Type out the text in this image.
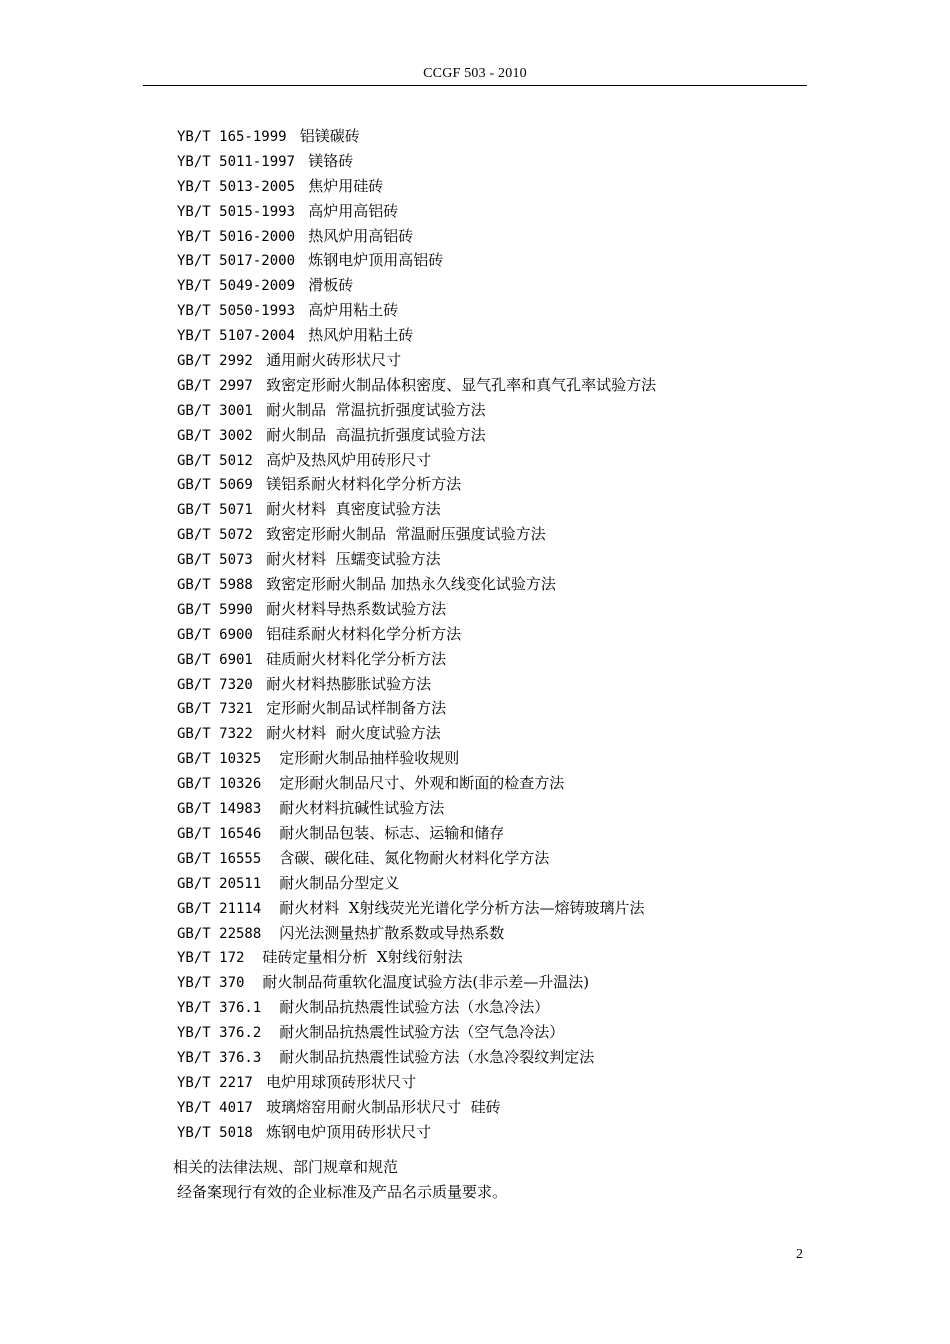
CCGF 503 - 2010
YB/T 165-1999  铝镁碳砖
YB/T 5011-1997  镁铬砖
YB/T 5013-2005  焦炉用硅砖
YB/T 5015-1993  高炉用高铝砖
YB/T 5016-2000  热风炉用高铝砖
YB/T 5017-2000  炼钢电炉顶用高铝砖
YB/T 5049-2009  滑板砖
YB/T 5050-1993  高炉用粘土砖
YB/T 5107-2004  热风炉用粘土砖
GB/T 2992  通用耐火砖形状尺寸
GB/T 2997  致密定形耐火制品体积密度、显气孔率和真气孔率试验方法
GB/T 3001  耐火制品  常温抗折强度试验方法
GB/T 3002  耐火制品  高温抗折强度试验方法
GB/T 5012  高炉及热风炉用砖形尺寸
GB/T 5069  镁铝系耐火材料化学分析方法
GB/T 5071  耐火材料  真密度试验方法
GB/T 5072  致密定形耐火制品  常温耐压强度试验方法
GB/T 5073  耐火材料  压蠕变试验方法
GB/T 5988  致密定形耐火制品 加热永久线变化试验方法
GB/T 5990  耐火材料导热系数试验方法
GB/T 6900  铝硅系耐火材料化学分析方法
GB/T 6901  硅质耐火材料化学分析方法
GB/T 7320  耐火材料热膨胀试验方法
GB/T 7321  定形耐火制品试样制备方法
GB/T 7322  耐火材料  耐火度试验方法
GB/T 10325   定形耐火制品抽样验收规则
GB/T 10326   定形耐火制品尺寸、外观和断面的检查方法
GB/T 14983   耐火材料抗碱性试验方法
GB/T 16546   耐火制品包装、标志、运输和储存
GB/T 16555   含碳、碳化硅、氮化物耐火材料化学方法
GB/T 20511   耐火制品分型定义
GB/T 21114   耐火材料  X射线荧光光谱化学分析方法—熔铸玻璃片法
GB/T 22588   闪光法测量热扩散系数或导热系数
YB/T 172   硅砖定量相分析  X射线衍射法
YB/T 370   耐火制品荷重软化温度试验方法(非示差—升温法)
YB/T 376.1   耐火制品抗热震性试验方法（水急冷法）
YB/T 376.2   耐火制品抗热震性试验方法（空气急冷法）
YB/T 376.3   耐火制品抗热震性试验方法（水急冷裂纹判定法
YB/T 2217  电炉用球顶砖形状尺寸
YB/T 4017  玻璃熔窑用耐火制品形状尺寸  硅砖
YB/T 5018  炼钢电炉顶用砖形状尺寸
相关的法律法规、部门规章和规范
经备案现行有效的企业标准及产品名示质量要求。
2
